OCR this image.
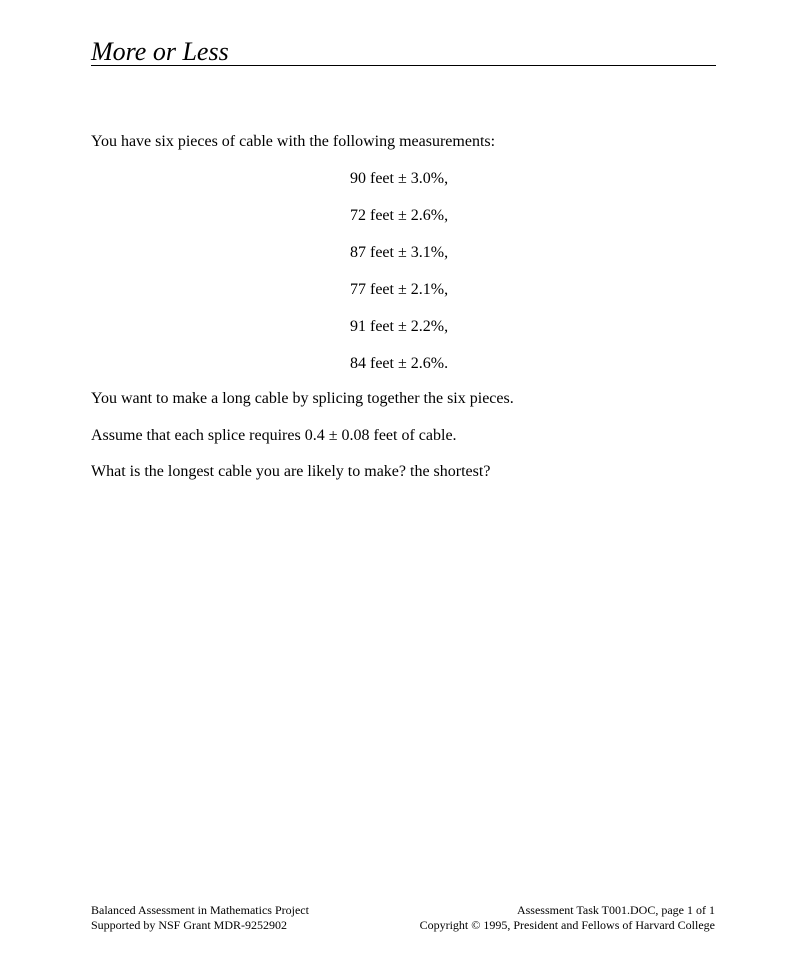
More or Less
You have six pieces of cable with the following measurements:
90 feet ± 3.0%,
72 feet ± 2.6%,
87 feet ± 3.1%,
77 feet ± 2.1%,
91 feet ± 2.2%,
84 feet ± 2.6%.
You want to make a long cable by splicing together the six pieces.
Assume that each splice requires 0.4 ± 0.08 feet of cable.
What is the longest cable you are likely to make? the shortest?
Balanced Assessment in Mathematics Project
Supported by NSF Grant MDR-9252902
Assessment Task T001.DOC, page 1 of 1
Copyright © 1995, President and Fellows of Harvard College
